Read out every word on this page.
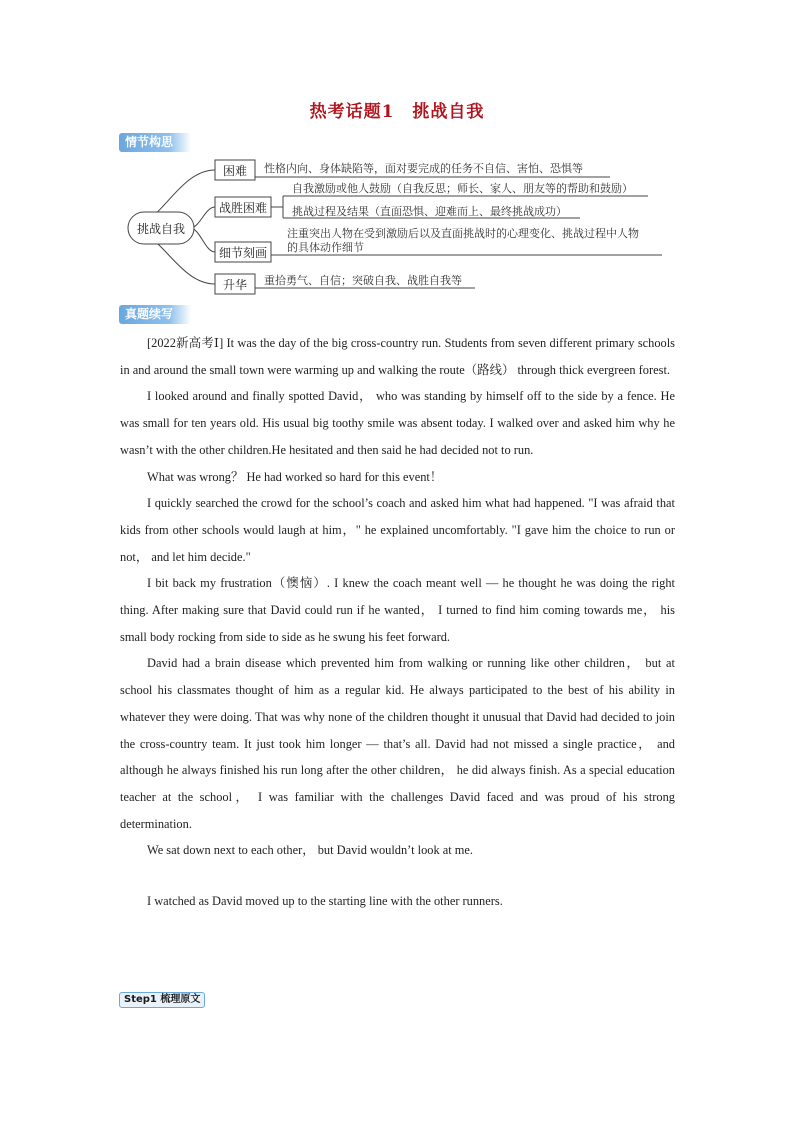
热考话题1　挑战自我
情节构思
挑战自我
困难 性格内向、身体缺陷等，面对要完成的任务不自信、害怕、恐惧等
战胜困难
自我激励或他人鼓励（自我反思；师长、家人、朋友等的帮助和鼓励）
挑战过程及结果（直面恐惧、迎难而上、最终挑战成功）
细节刻画
注重突出人物在受到激励后以及直面挑战时的心理变化、挑战过程中人物
的具体动作细节
升华 重拾勇气、自信；突破自我、战胜自我等
真题续写

[2022新高考Ⅰ] It was the day of the big cross-country run. Students from seven different primary schools in and around the small town were warming up and walking the route（路线） through thick evergreen forest.

I looked around and finally spotted David， who was standing by himself off to the side by a fence. He was small for ten years old. His usual big toothy smile was absent today. I walked over and asked him why he wasn’t with the other children.He hesitated and then said he had decided not to run.

What was wrong？ He had worked so hard for this event！

I quickly searched the crowd for the school’s coach and asked him what had happened. "I was afraid that kids from other schools would laugh at him，" he explained uncomfortably. "I gave him the choice to run or not， and let him decide."

I bit back my frustration（懊恼）. I knew the coach meant well — he thought he was doing the right thing. After making sure that David could run if he wanted， I turned to find him coming towards me， his small body rocking from side to side as he swung his feet forward.

David had a brain disease which prevented him from walking or running like other children， but at school his classmates thought of him as a regular kid. He always participated to the best of his ability in whatever they were doing. That was why none of the children thought it unusual that David had decided to join the cross-country team. It just took him longer — that’s all. David had not missed a single practice， and although he always finished his run long after the other children， he did always finish. As a special education teacher at the school， I was familiar with the challenges David faced and was proud of his strong determination.

We sat down next to each other， but David wouldn’t look at me.

I watched as David moved up to the starting line with the other runners.

Step1 梳理原文
